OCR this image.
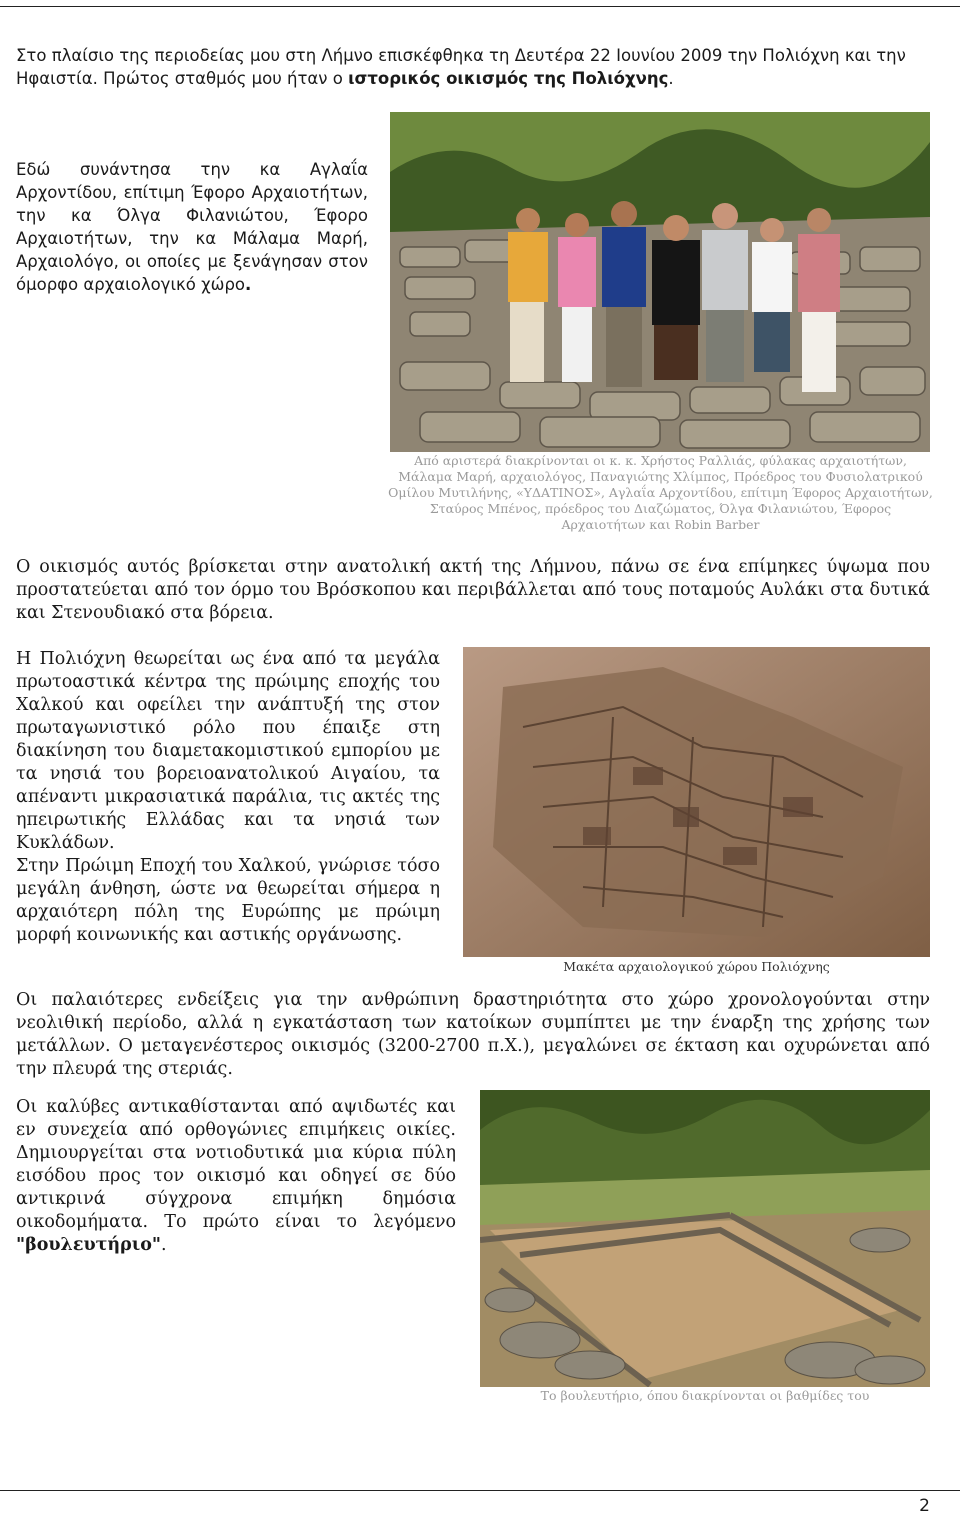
Στο πλαίσιο της περιοδείας μου στη Λήμνο επισκέφθηκα τη Δευτέρα 22 Ιουνίου 2009 την Πολιόχνη και την Ηφαιστία. Πρώτος σταθμός μου ήταν ο ιστορικός οικισμός της Πολιόχνης.

Εδώ συνάντησα την κα Αγλαΐα Αρχοντίδου, επίτιμη Έφορο Αρχαιοτήτων, την κα Όλγα Φιλανιώτου, Έφορο Αρχαιοτήτων, την κα Μάλαμα Μαρή, Αρχαιολόγο, οι οποίες με ξενάγησαν στον όμορφο αρχαιολογικό χώρο.

Από αριστερά διακρίνονται οι κ. κ. Χρήστος Ραλλιάς, φύλακας αρχαιοτήτων, Μάλαμα Μαρή, αρχαιολόγος, Παναγιώτης Χλίμπος, Πρόεδρος του Φυσιολατρικού Ομίλου Μυτιλήνης, «ΥΔΑΤΙΝΟΣ», Αγλαΐα Αρχοντίδου, επίτιμη Έφορος Αρχαιοτήτων, Σταύρος Μπένος, πρόεδρος του Διαζώματος, Όλγα Φιλανιώτου, Έφορος Αρχαιοτήτων και Robin Barber

Ο οικισμός αυτός βρίσκεται στην ανατολική ακτή της Λήμνου, πάνω σε ένα επίμηκες ύψωμα που προστατεύεται από τον όρμο του Βρόσκοπου και περιβάλλεται από τους ποταμούς Αυλάκι στα δυτικά και Στενουδιακό στα βόρεια.

Η Πολιόχνη θεωρείται ως ένα από τα μεγάλα πρωτοαστικά κέντρα της πρώιμης εποχής του Χαλκού και οφείλει την ανάπτυξή της στον πρωταγωνιστικό ρόλο που έπαιξε στη διακίνηση του διαμετακομιστικού εμπορίου με τα νησιά του βορειοανατολικού Αιγαίου, τα απέναντι μικρασιατικά παράλια, τις ακτές της ηπειρωτικής Ελλάδας και τα νησιά των Κυκλάδων.

Στην Πρώιμη Εποχή του Χαλκού, γνώρισε τόσο μεγάλη άνθηση, ώστε να θεωρείται σήμερα η αρχαιότερη πόλη της Ευρώπης με πρώιμη μορφή κοινωνικής και αστικής οργάνωσης.

Μακέτα αρχαιολογικού χώρου Πολιόχνης

Οι παλαιότερες ενδείξεις για την ανθρώπινη δραστηριότητα στο χώρο χρονολογούνται στην νεολιθική περίοδο, αλλά η εγκατάσταση των κατοίκων συμπίπτει με την έναρξη της χρήσης των μετάλλων. Ο μεταγενέστερος οικισμός (3200-2700 π.Χ.), μεγαλώνει σε έκταση και οχυρώνεται από την πλευρά της στεριάς.

Οι καλύβες αντικαθίστανται από αψιδωτές και εν συνεχεία από ορθογώνιες επιμήκεις οικίες. Δημιουργείται στα νοτιοδυτικά μια κύρια πύλη εισόδου προς τον οικισμό και οδηγεί σε δύο αντικρινά σύγχρονα επιμήκη δημόσια οικοδομήματα. Το πρώτο είναι το λεγόμενο "βουλευτήριο".

Το βουλευτήριο, όπου διακρίνονται οι βαθμίδες του

2
